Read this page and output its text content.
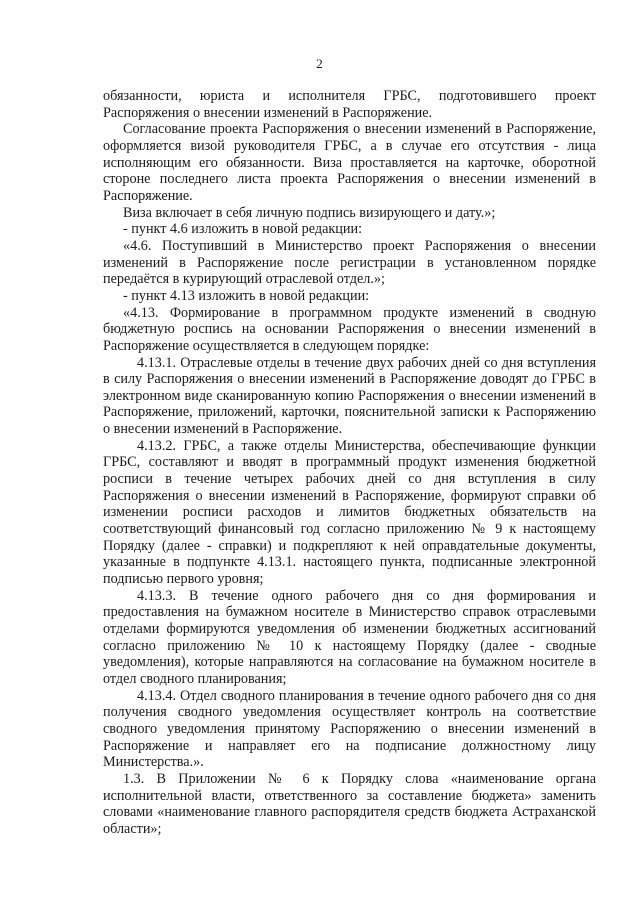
2

обязанности, юриста и исполнителя ГРБС, подготовившего проект Распоряжения о внесении изменений в Распоряжение.

Согласование проекта Распоряжения о внесении изменений в Распоряжение, оформляется визой руководителя ГРБС, а в случае его отсутствия - лица исполняющим его обязанности. Виза проставляется на карточке, оборотной стороне последнего листа проекта Распоряжения о внесении изменений в Распоряжение.

Виза включает в себя личную подпись визирующего и дату.»;

- пункт 4.6 изложить в новой редакции:

«4.6. Поступивший в Министерство проект Распоряжения о внесении изменений в Распоряжение после регистрации в установленном порядке передаётся в курирующий отраслевой отдел.»;

- пункт 4.13 изложить в новой редакции:

«4.13. Формирование в программном продукте изменений в сводную бюджетную роспись на основании Распоряжения о внесении изменений в Распоряжение осуществляется в следующем порядке:

4.13.1. Отраслевые отделы в течение двух рабочих дней со дня вступления в силу Распоряжения о внесении изменений в Распоряжение доводят до ГРБС в электронном виде сканированную копию Распоряжения о внесении изменений в Распоряжение, приложений, карточки, пояснительной записки к Распоряжению о внесении изменений в Распоряжение.

4.13.2. ГРБС, а также отделы Министерства, обеспечивающие функции ГРБС, составляют и вводят в программный продукт изменения бюджетной росписи в течение четырех рабочих дней со дня вступления в силу Распоряжения о внесении изменений в Распоряжение, формируют справки об изменении росписи расходов и лимитов бюджетных обязательств на соответствующий финансовый год согласно приложению № 9 к настоящему Порядку (далее - справки) и подкрепляют к ней оправдательные документы, указанные в подпункте 4.13.1. настоящего пункта, подписанные электронной подписью первого уровня;

4.13.3. В течение одного рабочего дня со дня формирования и предоставления на бумажном носителе в Министерство справок отраслевыми отделами формируются уведомления об изменении бюджетных ассигнований согласно приложению № 10 к настоящему Порядку (далее - сводные уведомления), которые направляются на согласование на бумажном носителе в отдел сводного планирования;

4.13.4. Отдел сводного планирования в течение одного рабочего дня со дня получения сводного уведомления осуществляет контроль на соответствие сводного уведомления принятому Распоряжению о внесении изменений в Распоряжение и направляет его на подписание должностному лицу Министерства.».

1.3. В Приложении № 6 к Порядку слова «наименование органа исполнительной власти, ответственного за составление бюджета» заменить словами «наименование главного распорядителя средств бюджета Астраханской области»;
